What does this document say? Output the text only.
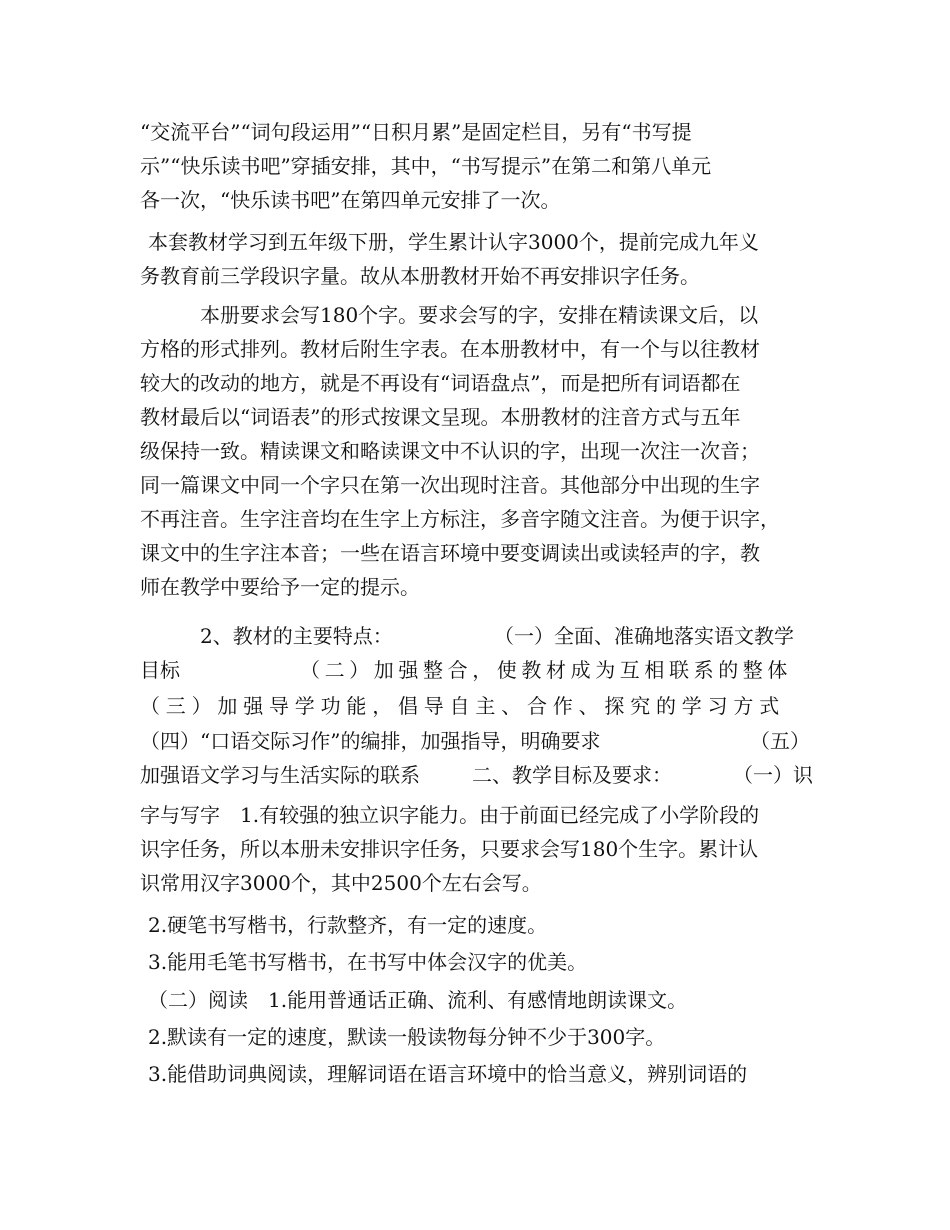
“交流平台”“词句段运用”“日积月累”是固定栏目，另有“书写提
示”“快乐读书吧”穿插安排，其中，“书写提示”在第二和第八单元
各一次，“快乐读书吧”在第四单元安排了一次。
本套教材学习到五年级下册，学生累计认字3000个，提前完成九年义
务教育前三学段识字量。故从本册教材开始不再安排识字任务。
本册要求会写180个字。要求会写的字，安排在精读课文后，以
方格的形式排列。教材后附生字表。在本册教材中，有一个与以往教材
较大的改动的地方，就是不再设有“词语盘点”，而是把所有词语都在
教材最后以“词语表”的形式按课文呈现。本册教材的注音方式与五年
级保持一致。精读课文和略读课文中不认识的字，出现一次注一次音；
同一篇课文中同一个字只在第一次出现时注音。其他部分中出现的生字
不再注音。生字注音均在生字上方标注，多音字随文注音。为便于识字，
课文中的生字注本音；一些在语言环境中要变调读出或读轻声的字，教
师在教学中要给予一定的提示。
2、教材的主要特点：	（一）全面、准确地落实语文教学
目标	（二）加强整合，使教材成为互相联系的整体
（三）加强导学功能，倡导自主、合作、探究的学习方式
（四）“口语交际习作”的编排，加强指导，明确要求	（五）
加强语文学习与生活实际的联系	二、教学目标及要求：	（一）识
字与写字　1.有较强的独立识字能力。由于前面已经完成了小学阶段的
识字任务，所以本册未安排识字任务，只要求会写180个生字。累计认
识常用汉字3000个，其中2500个左右会写。
2.硬笔书写楷书，行款整齐，有一定的速度。
3.能用毛笔书写楷书，在书写中体会汉字的优美。
（二）阅读　1.能用普通话正确、流利、有感情地朗读课文。
2.默读有一定的速度，默读一般读物每分钟不少于300字。
3.能借助词典阅读，理解词语在语言环境中的恰当意义，辨别词语的
